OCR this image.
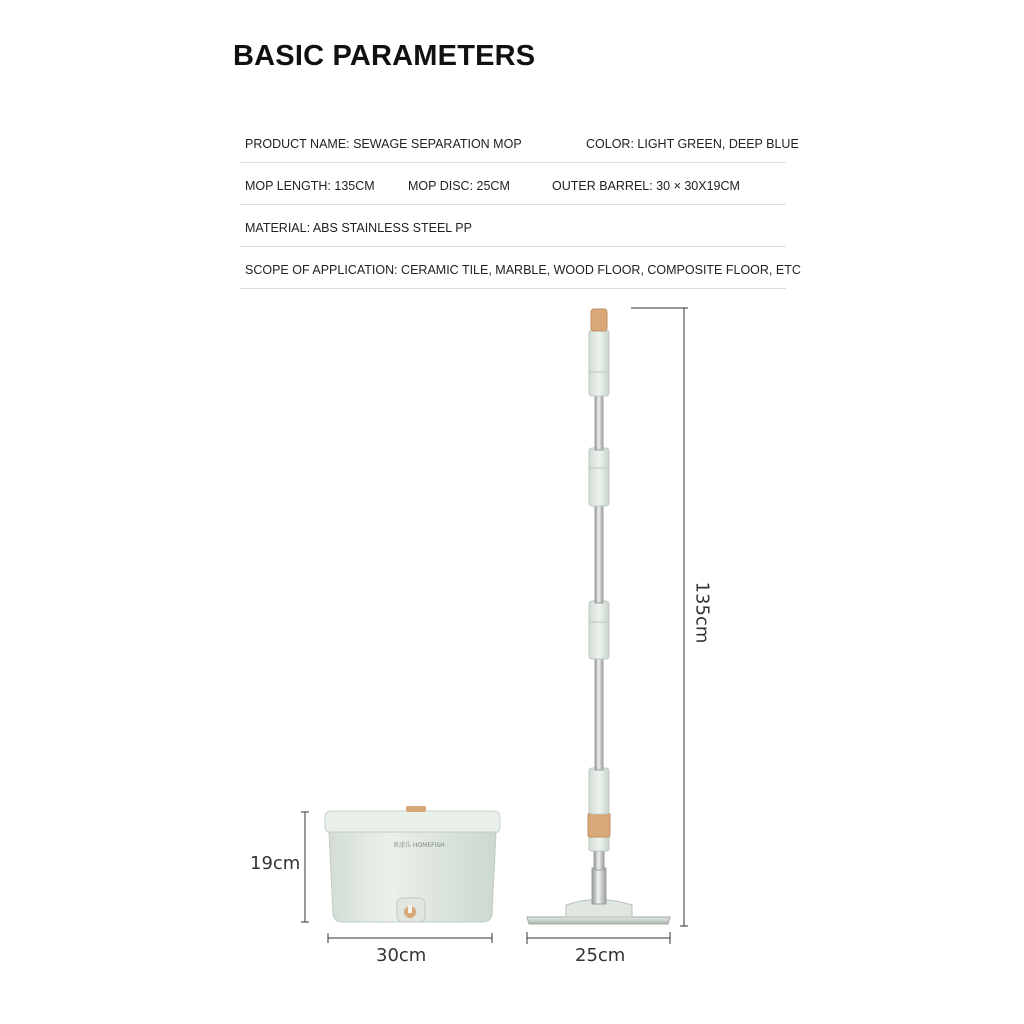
BASIC PARAMETERS
PRODUCT NAME: SEWAGE SEPARATION MOP	COLOR: LIGHT GREEN, DEEP BLUE
MOP LENGTH: 135CM	MOP DISC: 25CM	OUTER BARREL: 30 × 30X19CM
MATERIAL: ABS STAINLESS STEEL PP
SCOPE OF APPLICATION: CERAMIC TILE, MARBLE, WOOD FLOOR, COMPOSITE FLOOR, ETC
果漾乐 HOMEFISH
19cm
30cm	25cm
135cm
